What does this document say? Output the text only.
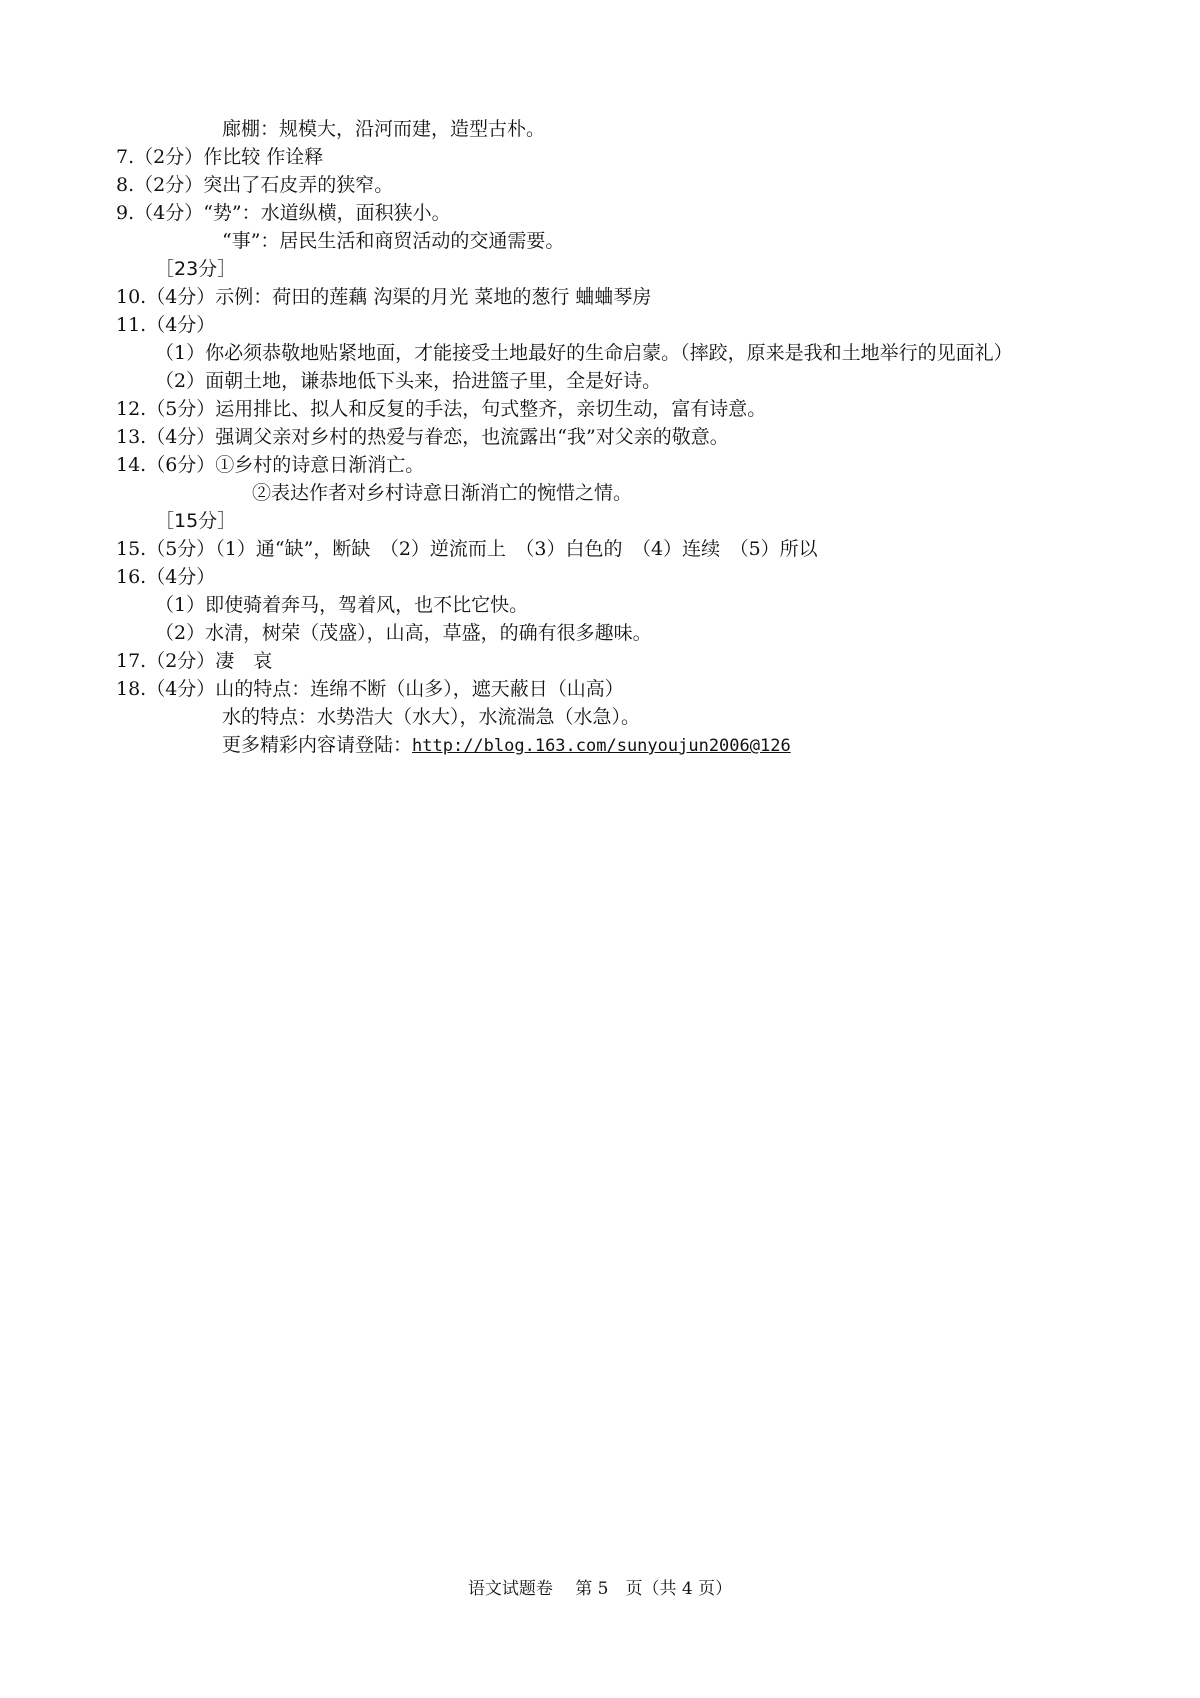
廊棚：规模大，沿河而建，造型古朴。
7.（2分）作比较 作诠释
8.（2分）突出了石皮弄的狭窄。
9.（4分）“势”：水道纵横，面积狭小。
“事”：居民生活和商贸活动的交通需要。
［23分］
10.（4分）示例：荷田的莲藕 沟渠的月光 菜地的葱行 蛐蛐琴房
11.（4分）
（1）你必须恭敬地贴紧地面，才能接受土地最好的生命启蒙。（摔跤，原来是我和土地举行的见面礼）
（2）面朝土地，谦恭地低下头来，拾进篮子里，全是好诗。
12.（5分）运用排比、拟人和反复的手法，句式整齐，亲切生动，富有诗意。
13.（4分）强调父亲对乡村的热爱与眷恋，也流露出“我”对父亲的敬意。
14.（6分）①乡村的诗意日渐消亡。
②表达作者对乡村诗意日渐消亡的惋惜之情。
［15分］
15.（5分）（1）通“缺”，断缺　（2）逆流而上　（3）白色的　（4）连续　（5）所以
16.（4分）
（1）即使骑着奔马，驾着风，也不比它快。
（2）水清，树荣（茂盛），山高，草盛，的确有很多趣味。
17.（2分）凄　哀
18.（4分）山的特点：连绵不断（山多），遮天蔽日（山高）
水的特点：水势浩大（水大），水流湍急（水急）。
更多精彩内容请登陆：http://blog.163.com/sunyoujun2006@126
语文试题卷　 第 5　页（共 4 页）
